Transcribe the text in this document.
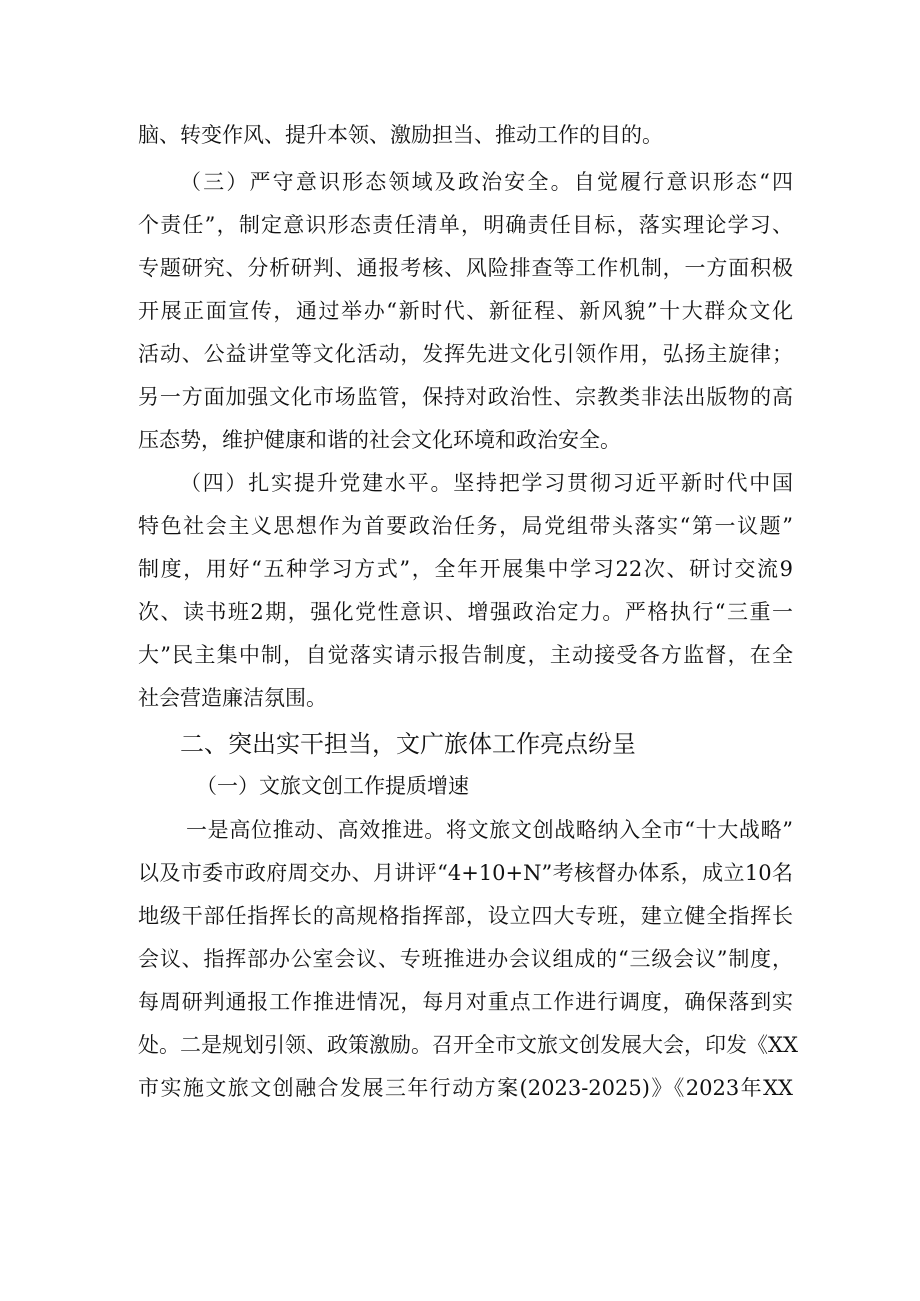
脑、转变作风、提升本领、激励担当、推动工作的目的。
（三）严守意识形态领域及政治安全。自觉履行意识形态“四
个责任”，制定意识形态责任清单，明确责任目标，落实理论学习、
专题研究、分析研判、通报考核、风险排查等工作机制，一方面积极
开展正面宣传，通过举办“新时代、新征程、新风貌”十大群众文化
活动、公益讲堂等文化活动，发挥先进文化引领作用，弘扬主旋律；
另一方面加强文化市场监管，保持对政治性、宗教类非法出版物的高
压态势，维护健康和谐的社会文化环境和政治安全。
（四）扎实提升党建水平。坚持把学习贯彻习近平新时代中国
特色社会主义思想作为首要政治任务，局党组带头落实“第一议题”
制度，用好“五种学习方式”，全年开展集中学习22次、研讨交流9
次、读书班2期，强化党性意识、增强政治定力。严格执行“三重一
大”民主集中制，自觉落实请示报告制度，主动接受各方监督，在全
社会营造廉洁氛围。
二、突出实干担当，文广旅体工作亮点纷呈
（一）文旅文创工作提质增速
一是高位推动、高效推进。将文旅文创战略纳入全市“十大战略”
以及市委市政府周交办、月讲评“4+10+N”考核督办体系，成立10名
地级干部任指挥长的高规格指挥部，设立四大专班，建立健全指挥长
会议、指挥部办公室会议、专班推进办会议组成的“三级会议”制度，
每周研判通报工作推进情况，每月对重点工作进行调度，确保落到实
处。二是规划引领、政策激励。召开全市文旅文创发展大会，印发《XX
市实施文旅文创融合发展三年行动方案(2023-2025)》《2023年XX
